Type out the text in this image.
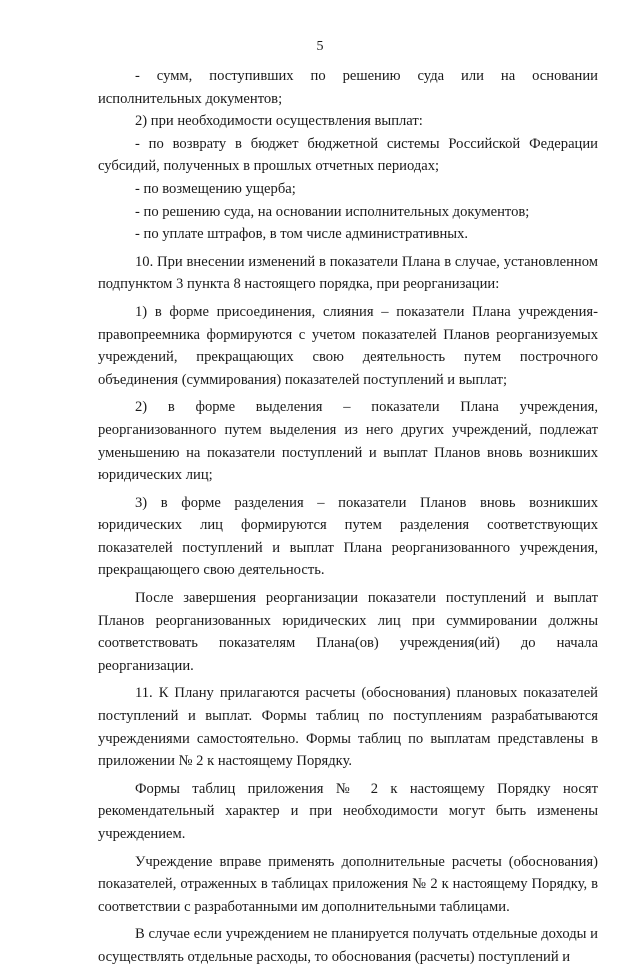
5

- сумм, поступивших по решению суда или на основании исполнительных документов;

2) при необходимости осуществления выплат:

- по возврату в бюджет бюджетной системы Российской Федерации субсидий, полученных в прошлых отчетных периодах;

- по возмещению ущерба;

- по решению суда, на основании исполнительных документов;

- по уплате штрафов, в том числе административных.

10. При внесении изменений в показатели Плана в случае, установленном подпунктом 3 пункта 8 настоящего порядка, при реорганизации:

1) в форме присоединения, слияния – показатели Плана учреждения-правопреемника формируются с учетом показателей Планов реорганизуемых учреждений, прекращающих свою деятельность путем построчного объединения (суммирования) показателей поступлений и выплат;

2) в форме выделения – показатели Плана учреждения, реорганизованного путем выделения из него других учреждений, подлежат уменьшению на показатели поступлений и выплат Планов вновь возникших юридических лиц;

3) в форме разделения – показатели Планов вновь возникших юридических лиц формируются путем разделения соответствующих показателей поступлений и выплат Плана реорганизованного учреждения, прекращающего свою деятельность.

После завершения реорганизации показатели поступлений и выплат Планов реорганизованных юридических лиц при суммировании должны соответствовать показателям Плана(ов) учреждения(ий) до начала реорганизации.

11. К Плану прилагаются расчеты (обоснования) плановых показателей поступлений и выплат. Формы таблиц по поступлениям разрабатываются учреждениями самостоятельно. Формы таблиц по выплатам представлены в приложении № 2 к настоящему Порядку.

Формы таблиц приложения № 2 к настоящему Порядку носят рекомендательный характер и при необходимости могут быть изменены учреждением.

Учреждение вправе применять дополнительные расчеты (обоснования) показателей, отраженных в таблицах приложения № 2 к настоящему Порядку, в соответствии с разработанными им дополнительными таблицами.

В случае если учреждением не планируется получать отдельные доходы и осуществлять отдельные расходы, то обоснования (расчеты) поступлений и
